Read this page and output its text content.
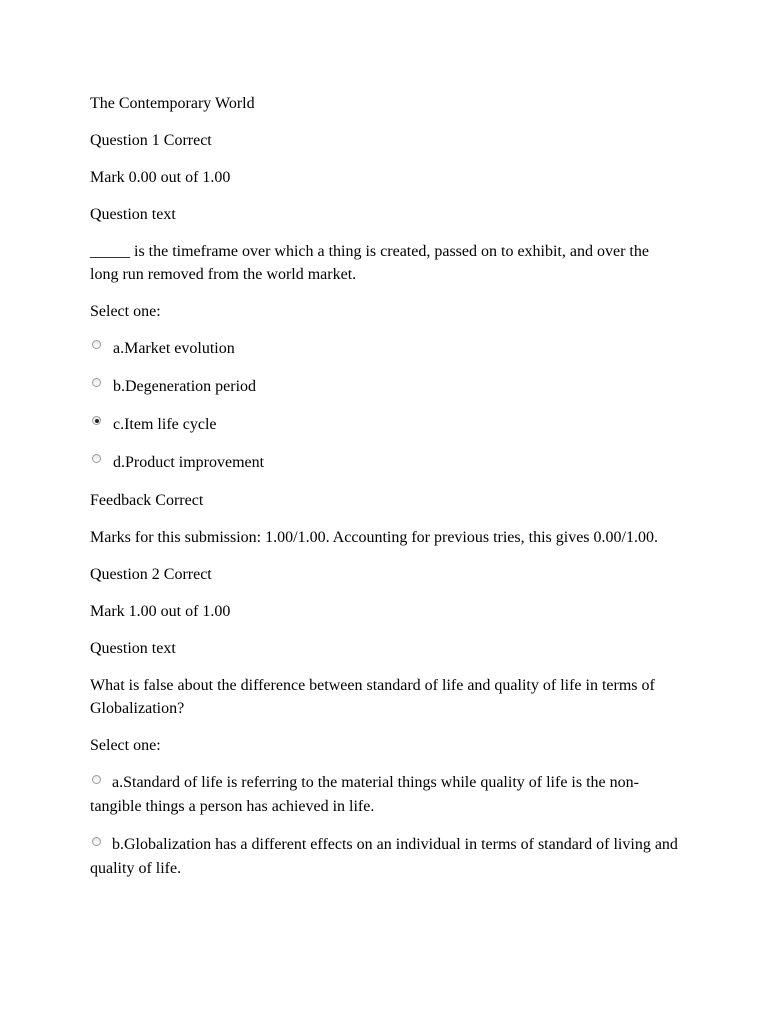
The Contemporary World
Question 1 Correct
Mark 0.00 out of 1.00
Question text
_____ is the timeframe over which a thing is created, passed on to exhibit, and over the long run removed from the world market.
Select one:
a.Market evolution
b.Degeneration period
c.Item life cycle
d.Product improvement
Feedback Correct
Marks for this submission: 1.00/1.00. Accounting for previous tries, this gives 0.00/1.00.
Question 2 Correct
Mark 1.00 out of 1.00
Question text
What is false about the difference between standard of life and quality of life in terms of Globalization?
Select one:
a.Standard of life is referring to the material things while quality of life is the non-tangible things a person has achieved in life.
b.Globalization has a different effects on an individual in terms of standard of living and quality of life.
